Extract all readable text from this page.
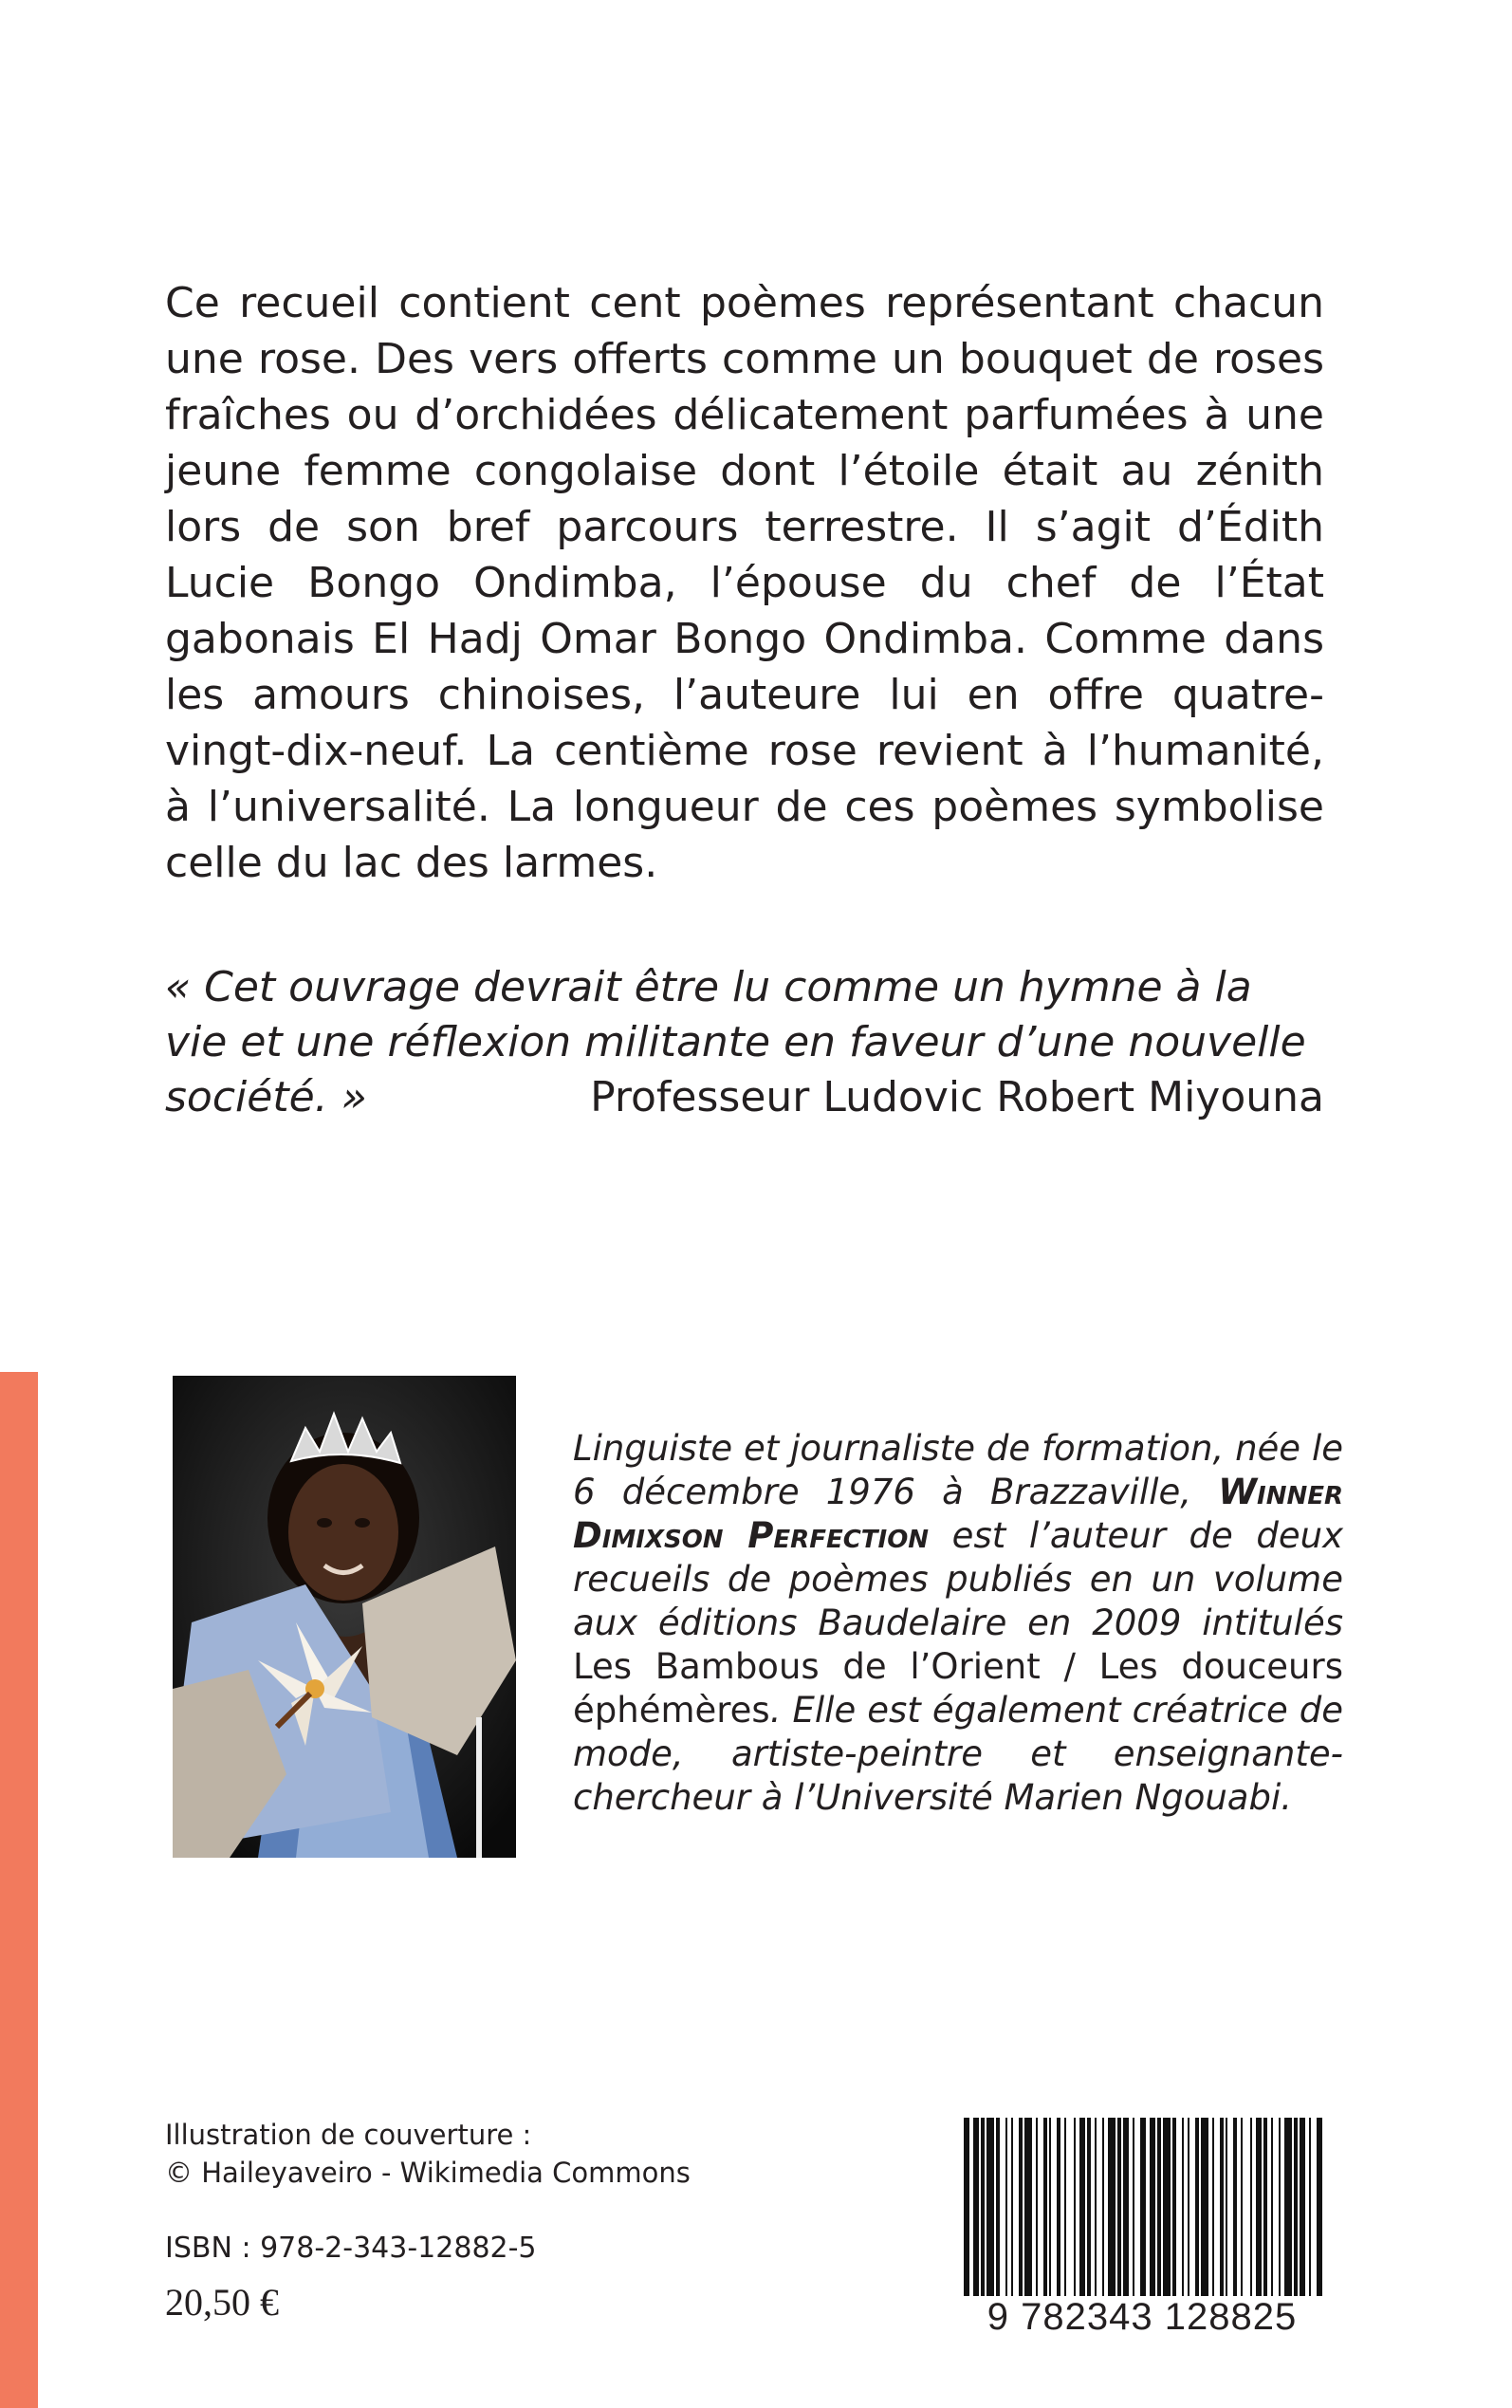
Ce recueil contient cent poèmes représentant chacun une rose. Des vers offerts comme un bouquet de roses fraîches ou d’orchidées délicatement parfumées à une jeune femme congolaise dont l’étoile était au zénith lors de son bref parcours terrestre. Il s’agit d’Édith Lucie Bongo Ondimba, l’épouse du chef de l’État gabonais El Hadj Omar Bongo Ondimba. Comme dans les amours chinoises, l’auteure lui en offre quatre-vingt-dix-neuf. La centième rose revient à l’humanité, à l’universalité. La longueur de ces poèmes symbolise celle du lac des larmes.

« Cet ouvrage devrait être lu comme un hymne à la vie et une réflexion militante en faveur d’une nouvelle société. »	Professeur Ludovic Robert Miyouna

Linguiste et journaliste de formation, née le 6 décembre 1976 à Brazzaville, Winner Dimixson Perfection est l’auteur de deux recueils de poèmes publiés en un volume aux éditions Baudelaire en 2009 intitulés Les Bambous de l’Orient / Les douceurs éphémères. Elle est également créatrice de mode, artiste-peintre et enseignante-chercheur à l’Université Marien Ngouabi.

Illustration de couverture :
© Haileyaveiro - Wikimedia Commons

ISBN : 978-2-343-12882-5

20,50 €	9 782343 128825
